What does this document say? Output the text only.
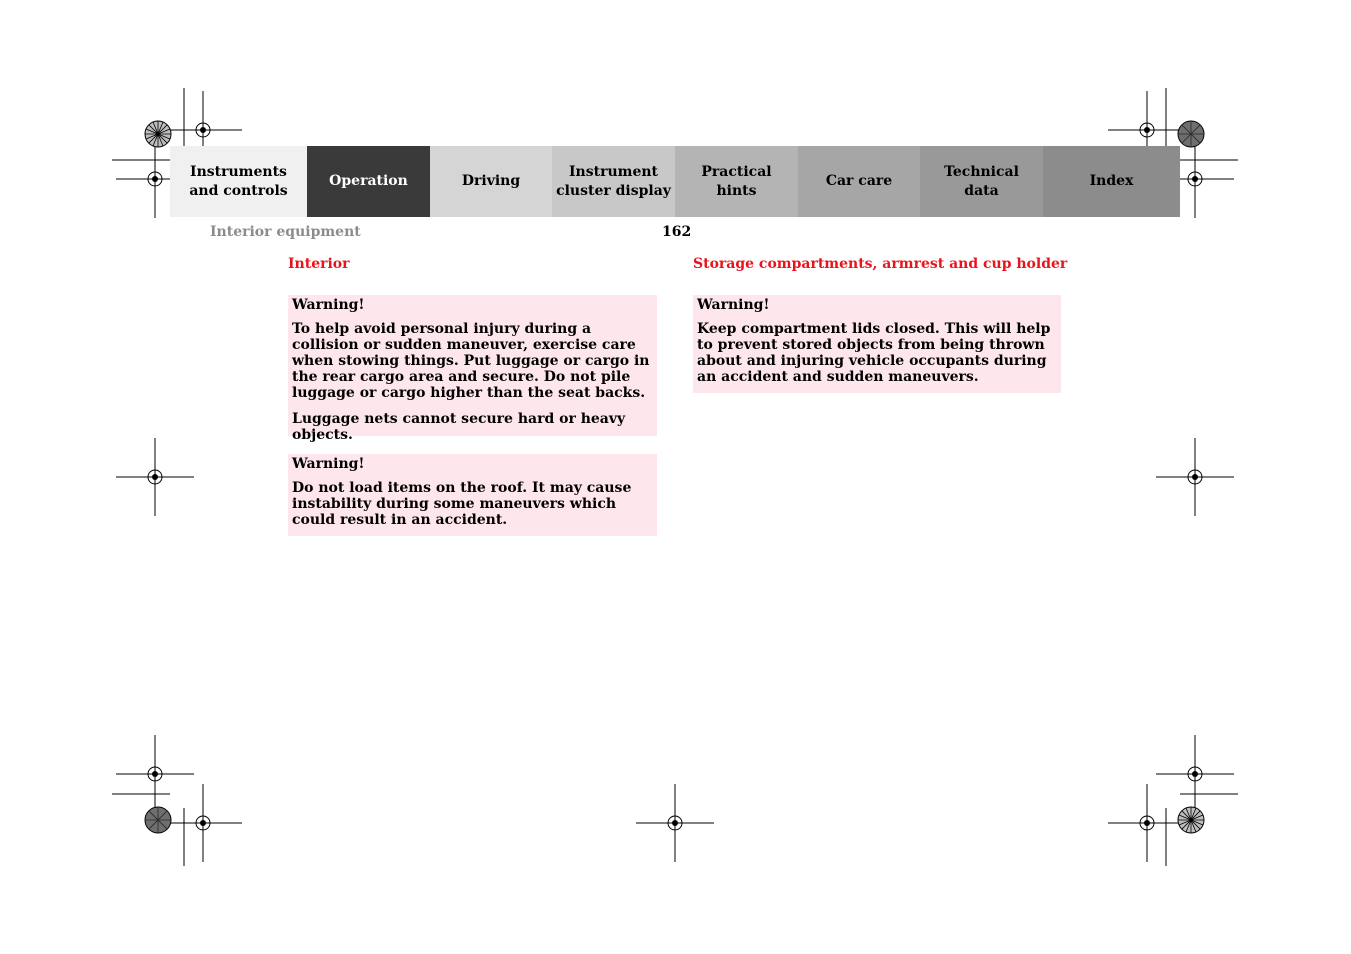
Instruments
and controls
Operation	Driving
Instrument
cluster display
Practical hints
Car care
Technical
data
Index
Interior equipment	162
Interior
Warning!

To help avoid personal injury during a collision or sudden maneuver, exercise care when stowing things. Put luggage or cargo in the rear cargo area and secure. Do not pile luggage or cargo higher than the seat backs.

Luggage nets cannot secure hard or heavy objects.

Warning!

Do not load items on the roof. It may cause instability during some maneuvers which could result in an accident.

Storage compartments, armrest and cup holder
Warning!

Keep compartment lids closed. This will help to prevent stored objects from being thrown about and injuring vehicle occupants during an accident and sudden maneuvers.
